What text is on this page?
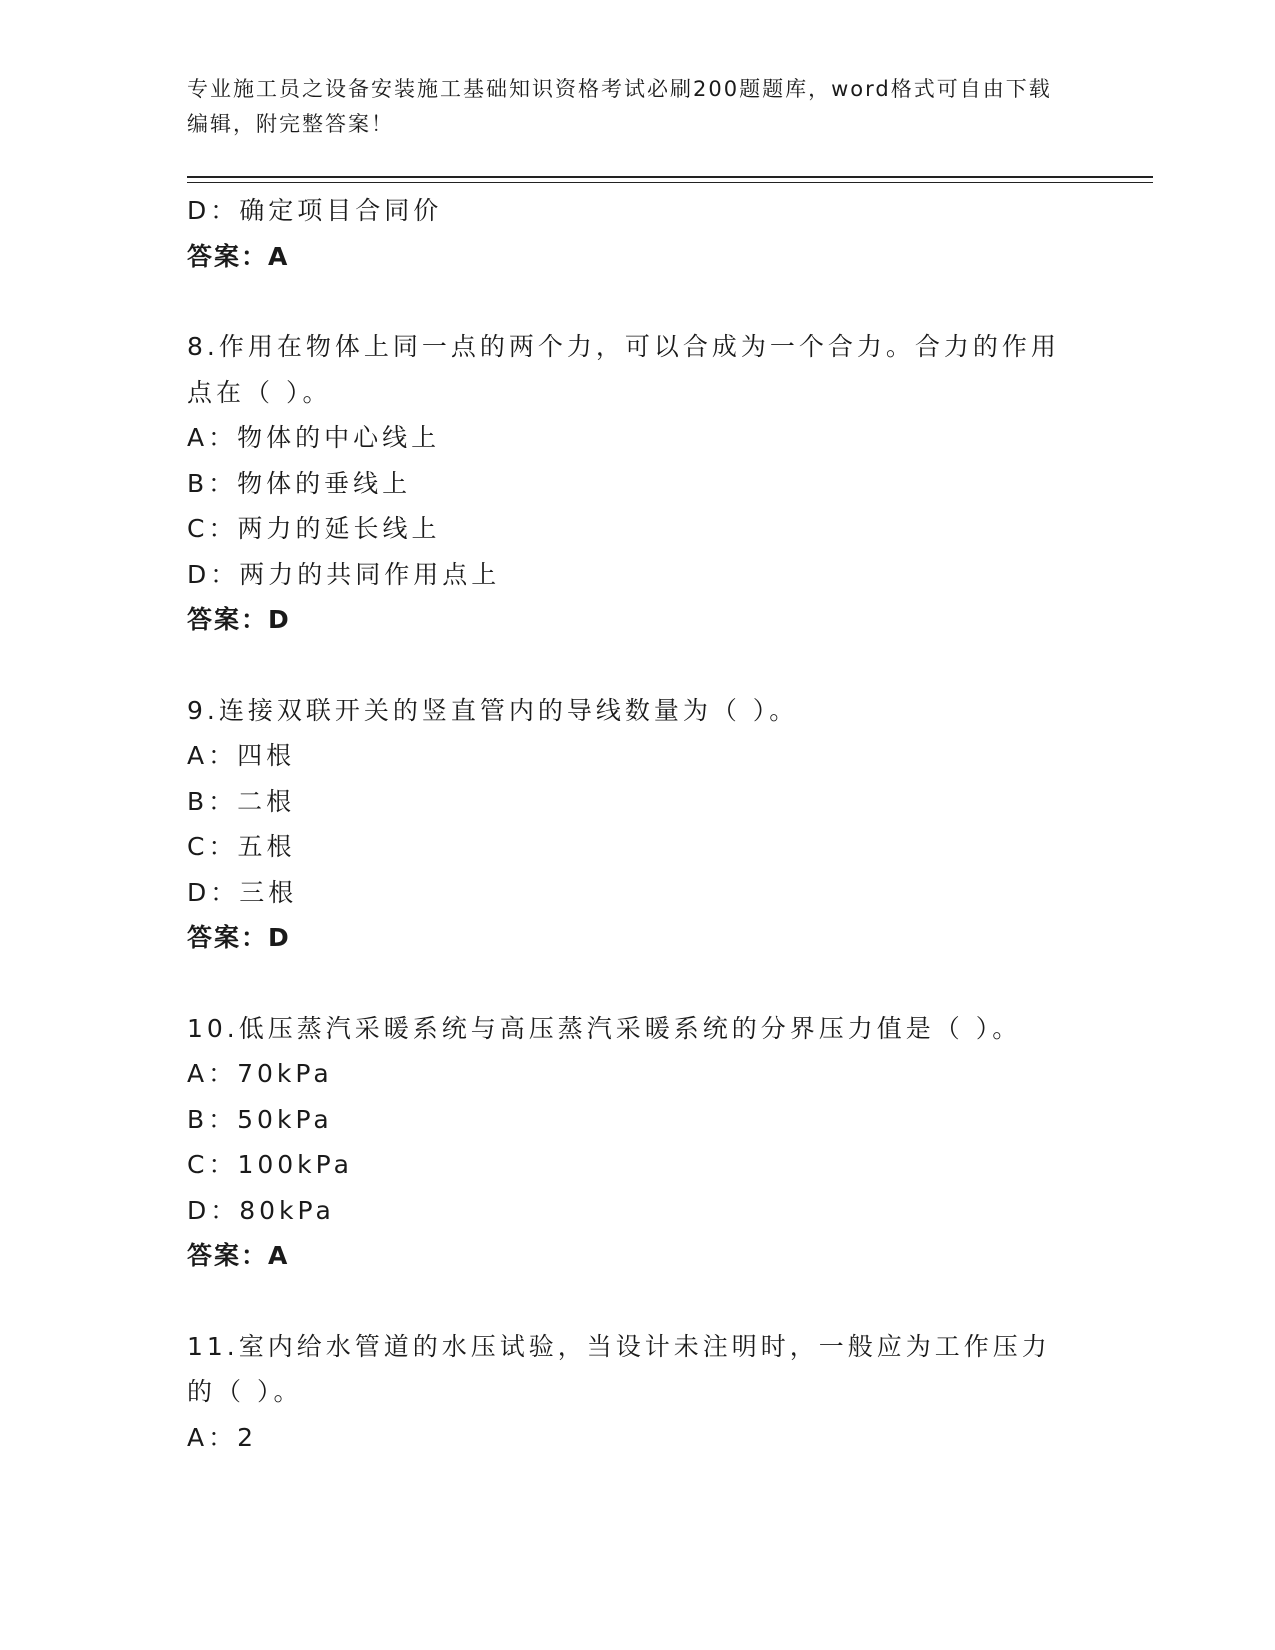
专业施工员之设备安装施工基础知识资格考试必刷200题题库，word格式可自由下载编辑，附完整答案！
D：确定项目合同价
答案：A
8.作用在物体上同一点的两个力，可以合成为一个合力。合力的作用点在（ ）。
A：物体的中心线上
B：物体的垂线上
C：两力的延长线上
D：两力的共同作用点上
答案：D
9.连接双联开关的竖直管内的导线数量为（ ）。
A：四根
B：二根
C：五根
D：三根
答案：D
10.低压蒸汽采暖系统与高压蒸汽采暖系统的分界压力值是（ ）。
A：70kPa
B：50kPa
C：100kPa
D：80kPa
答案：A
11.室内给水管道的水压试验，当设计未注明时，一般应为工作压力的（ ）。
A：2
